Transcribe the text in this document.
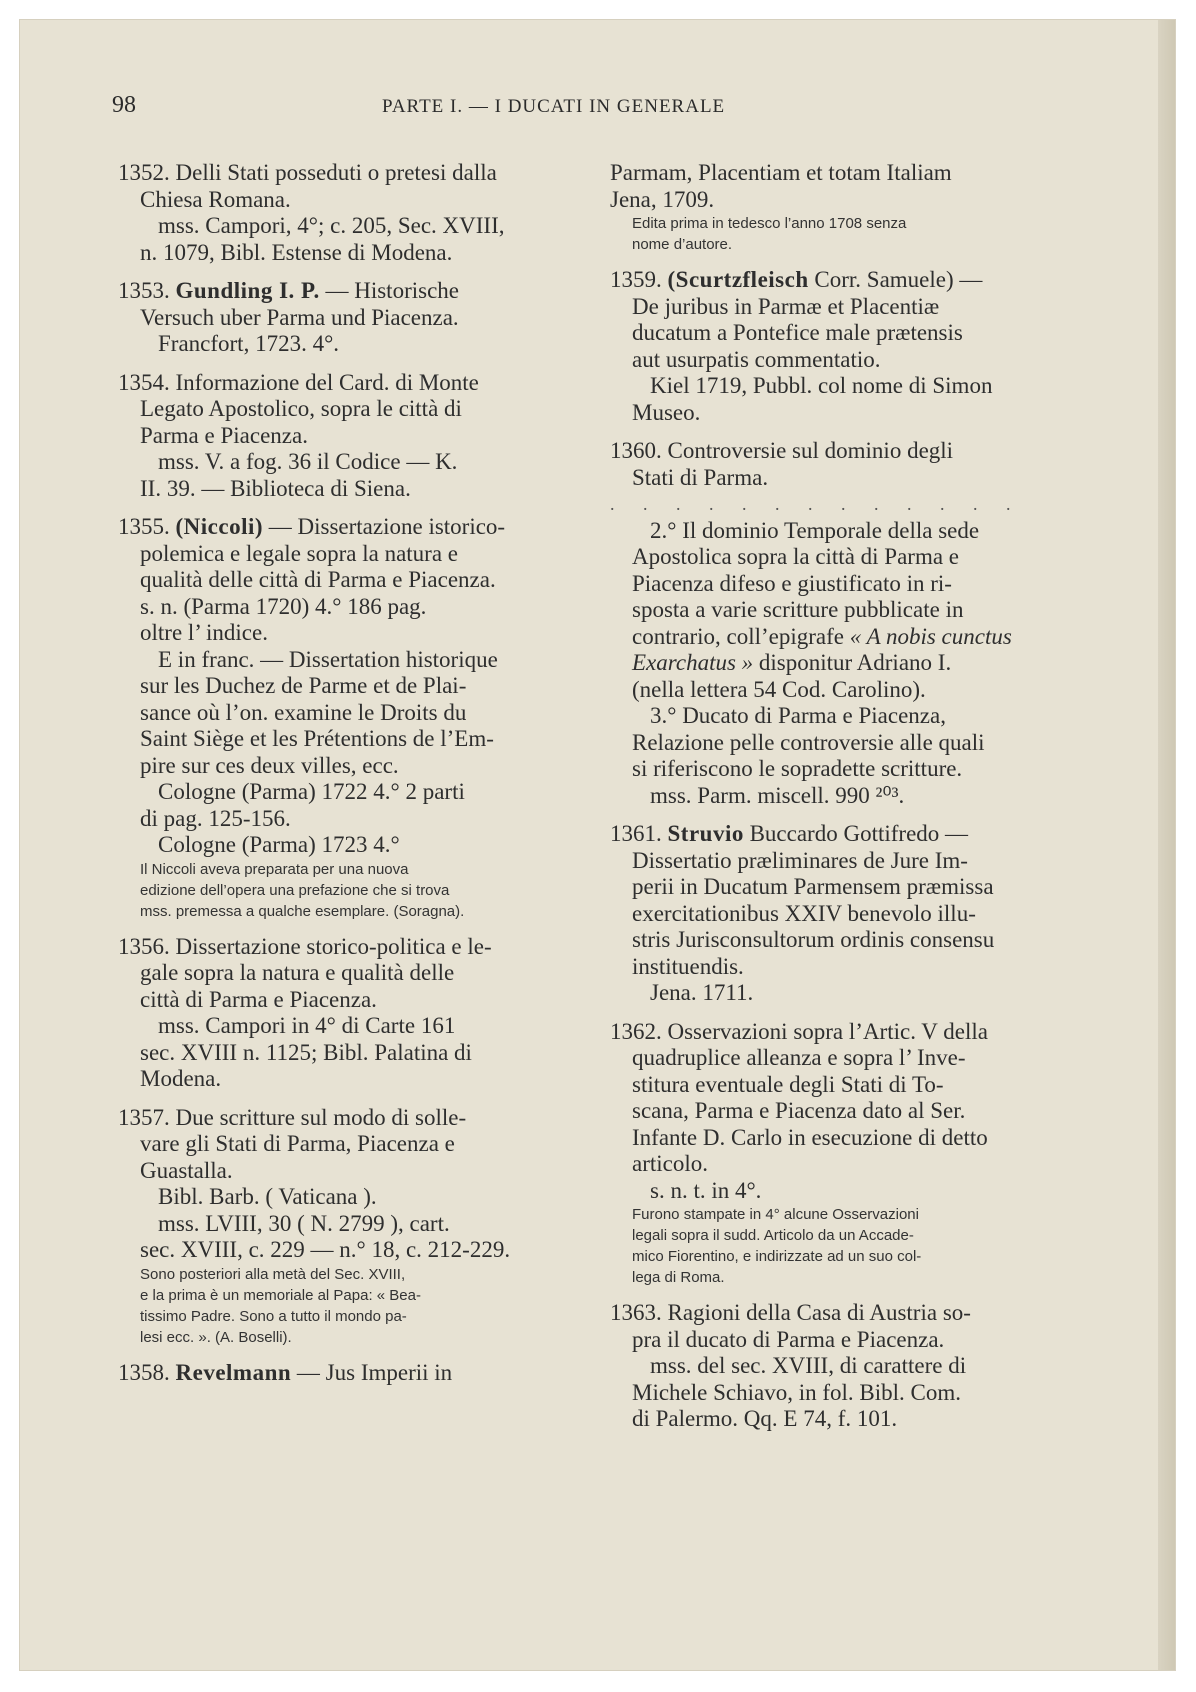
98	PARTE I. — I DUCATI IN GENERALE

1352. Delli Stati posseduti o pretesi dalla

Chiesa Romana.

mss. Campori, 4°; c. 205, Sec. XVIII,

n. 1079, Bibl. Estense di Modena.

1353. Gundling I. P. — Historische

Versuch uber Parma und Piacenza.

Francfort, 1723. 4°.

1354. Informazione del Card. di Monte

Legato Apostolico, sopra le città di

Parma e Piacenza.

mss. V. a fog. 36 il Codice — K.

II. 39. — Biblioteca di Siena.

1355. (Niccoli) — Dissertazione istorico-

polemica e legale sopra la natura e

qualità delle città di Parma e Piacenza.

s. n. (Parma 1720) 4.° 186 pag.

oltre l’ indice.

E in franc. — Dissertation historique

sur les Duchez de Parme et de Plai-

sance où l’on. examine le Droits du

Saint Siège et les Prétentions de l’Em-

pire sur ces deux villes, ecc.

Cologne (Parma) 1722 4.° 2 parti

di pag. 125-156.

Cologne (Parma) 1723 4.°

Il Niccoli aveva preparata per una nuova

edizione dell’opera una prefazione che si trova

mss. premessa a qualche esemplare. (Soragna).

1356. Dissertazione storico-politica e le-

gale sopra la natura e qualità delle

città di Parma e Piacenza.

mss. Campori in 4° di Carte 161

sec. XVIII n. 1125; Bibl. Palatina di

Modena.

1357. Due scritture sul modo di solle-

vare gli Stati di Parma, Piacenza e

Guastalla.

Bibl. Barb. ( Vaticana ).

mss. LVIII, 30 ( N. 2799 ), cart.

sec. XVIII, c. 229 — n.° 18, c. 212-229.

Sono posteriori alla metà del Sec. XVIII,

e la prima è un memoriale al Papa: « Bea-

tissimo Padre. Sono a tutto il mondo pa-

lesi ecc. ». (A. Boselli).

1358. Revelmann — Jus Imperii in

Parmam, Placentiam et totam Italiam

Jena, 1709.

Edita prima in tedesco l’anno 1708 senza

nome d’autore.

1359. (Scurtzfleisch Corr. Samuele) —

De juribus in Parmæ et Placentiæ

ducatum a Pontefice male prætensis

aut usurpatis commentatio.

Kiel 1719, Pubbl. col nome di Simon

Museo.

1360. Controversie sul dominio degli

Stati di Parma.

. . . . . . . . . . . . .

2.° Il dominio Temporale della sede

Apostolica sopra la città di Parma e

Piacenza difeso e giustificato in ri-

sposta a varie scritture pubblicate in

contrario, coll’epigrafe « A nobis cunctus

Exarchatus » disponitur Adriano I.

(nella lettera 54 Cod. Carolino).

3.° Ducato di Parma e Piacenza,

Relazione pelle controversie alle quali

si riferiscono le sopradette scritture.

mss. Parm. miscell. 990 ²⁰³.

1361. Struvio Buccardo Gottifredo —

Dissertatio præliminares de Jure Im-

perii in Ducatum Parmensem præmissa

exercitationibus XXIV benevolo illu-

stris Jurisconsultorum ordinis consensu

instituendis.

Jena. 1711.

1362. Osservazioni sopra l’Artic. V della

quadruplice alleanza e sopra l’ Inve-

stitura eventuale degli Stati di To-

scana, Parma e Piacenza dato al Ser.

Infante D. Carlo in esecuzione di detto

articolo.

s. n. t. in 4°.

Furono stampate in 4° alcune Osservazioni

legali sopra il sudd. Articolo da un Accade-

mico Fiorentino, e indirizzate ad un suo col-

lega di Roma.

1363. Ragioni della Casa di Austria so-

pra il ducato di Parma e Piacenza.

mss. del sec. XVIII, di carattere di

Michele Schiavo, in fol. Bibl. Com.

di Palermo. Qq. E 74, f. 101.
